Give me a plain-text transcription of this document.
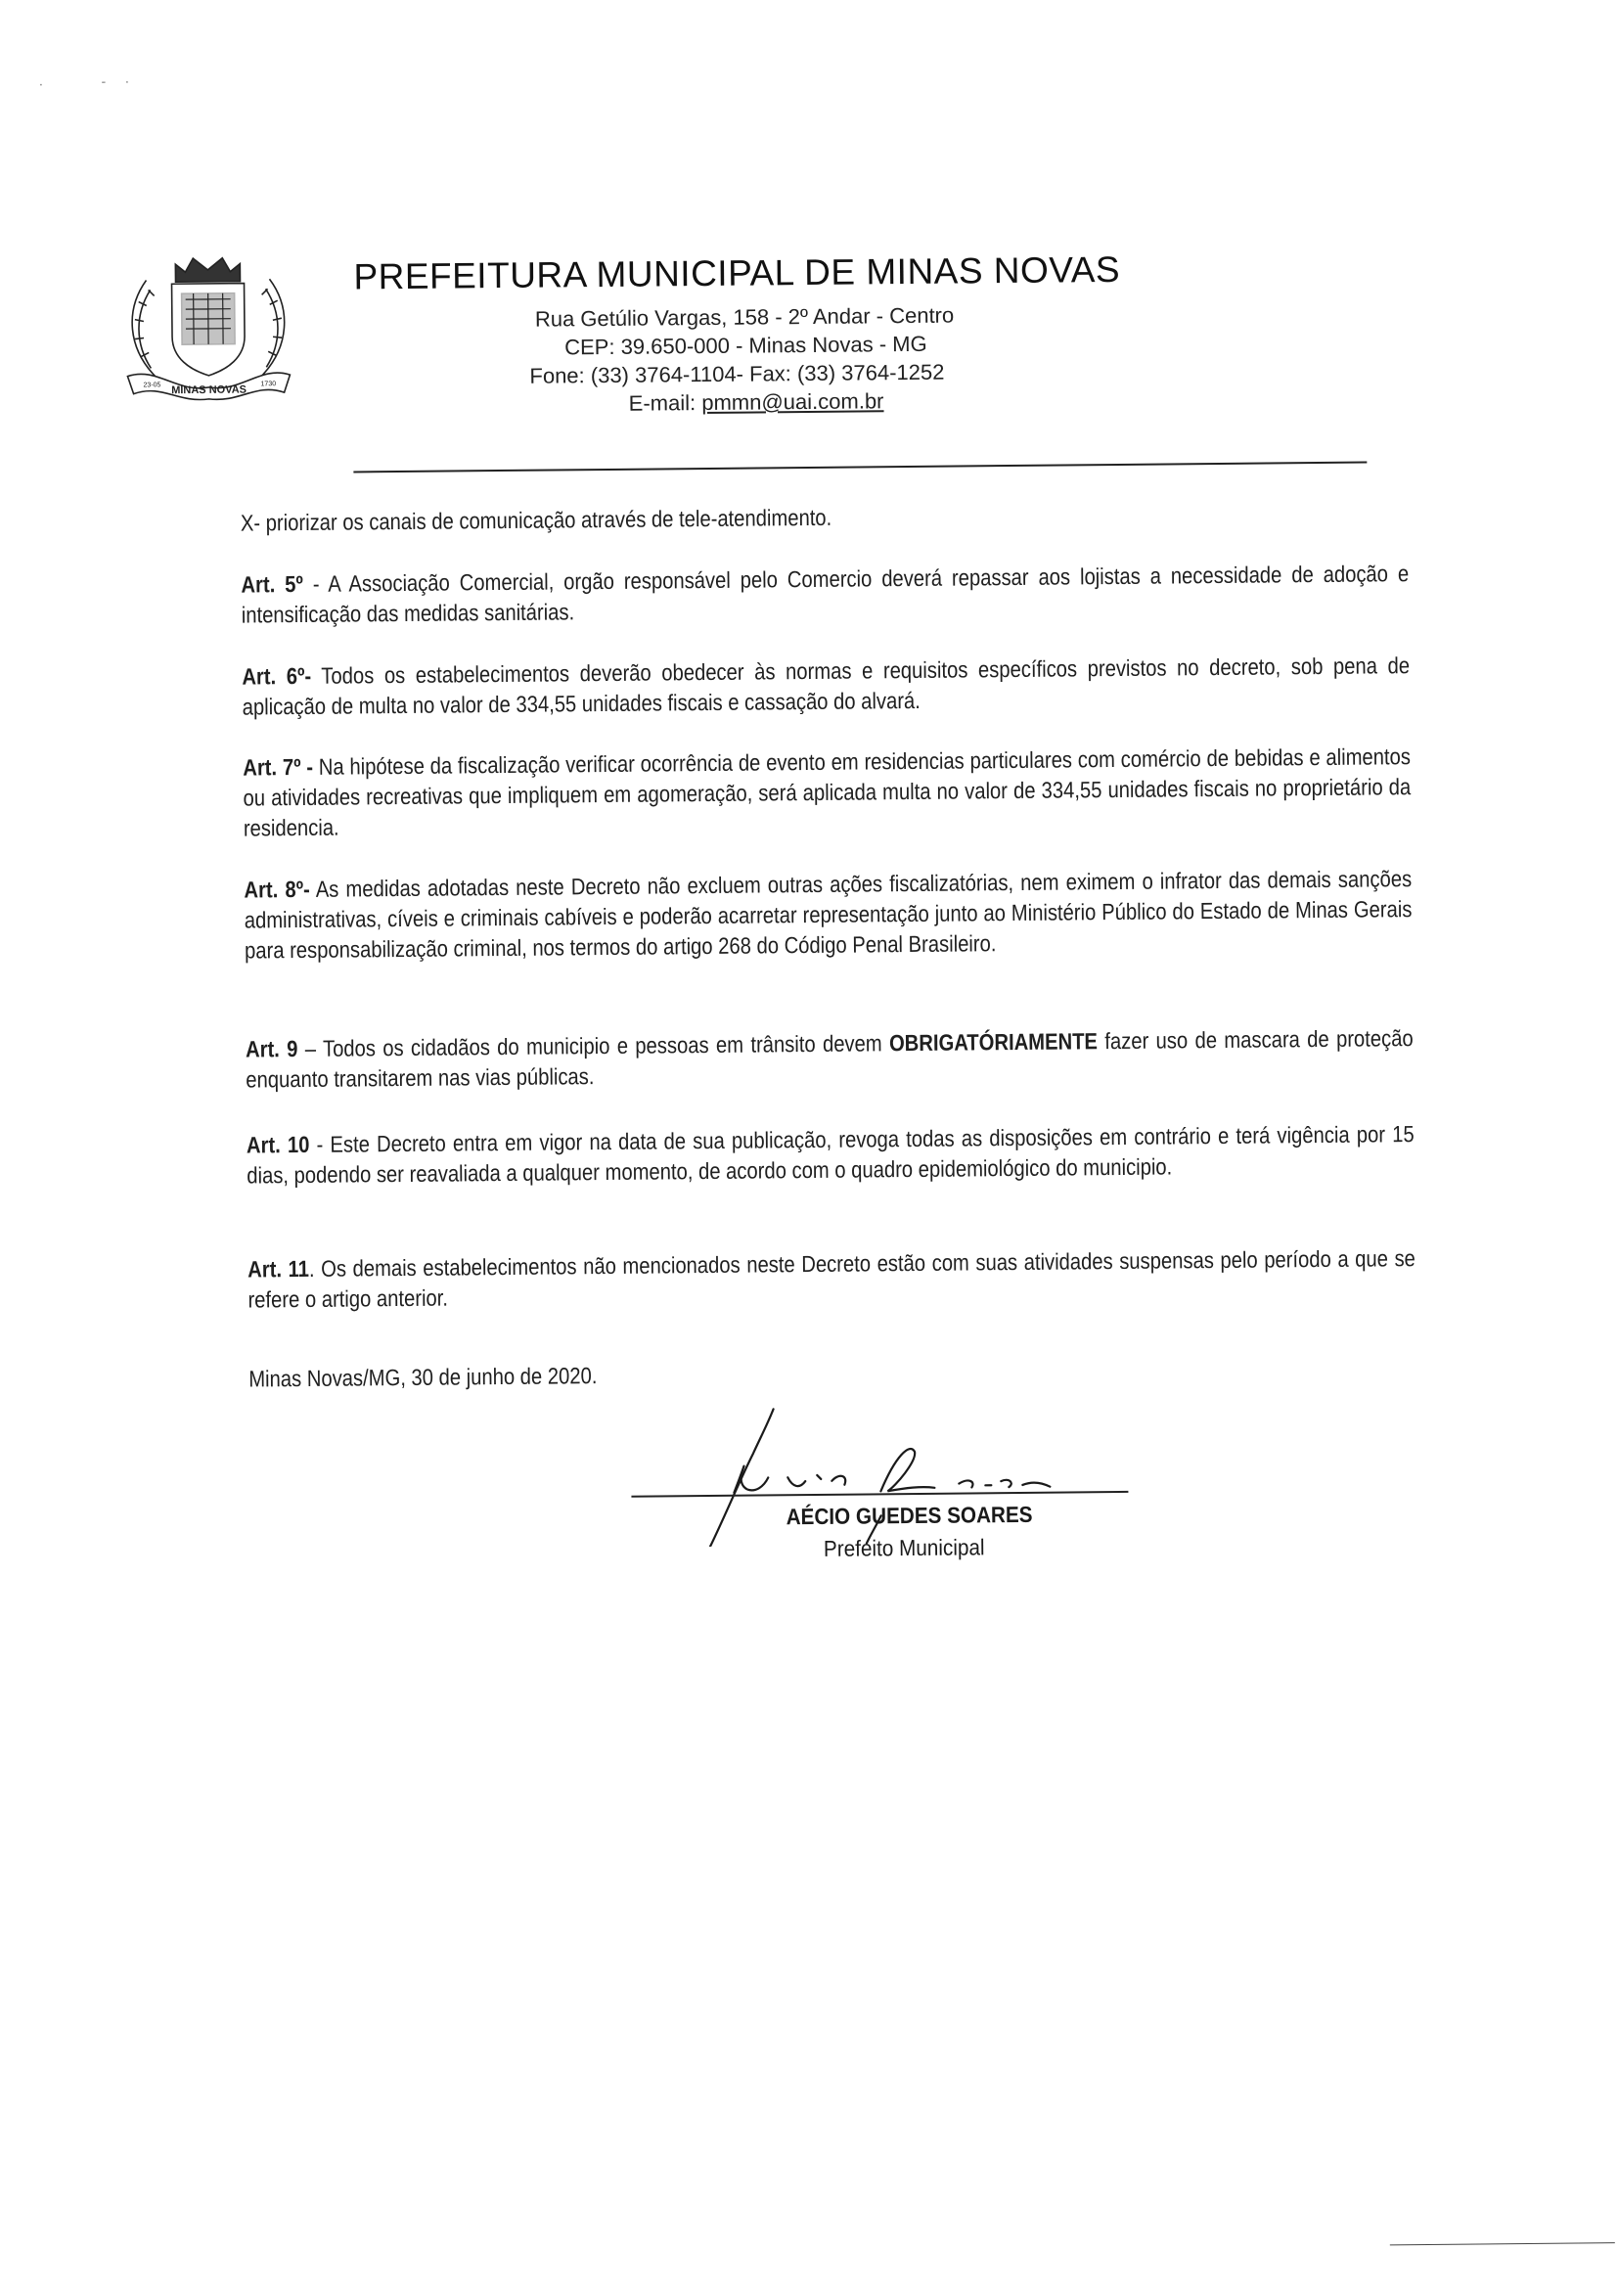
·	- ·
MINAS NOVAS
23-05	1730
PREFEITURA MUNICIPAL DE MINAS NOVAS
Rua Getúlio Vargas, 158 - 2º Andar - Centro
CEP: 39.650-000 - Minas Novas - MG
Fone: (33) 3764-1104- Fax: (33) 3764-1252
E-mail: pmmn@uai.com.br

X- priorizar os canais de comunicação através de tele-atendimento.

Art. 5º - A Associação Comercial, orgão responsável pelo Comercio deverá repassar aos lojistas a necessidade de adoção e intensificação das medidas sanitárias.

Art. 6º- Todos os estabelecimentos deverão obedecer às normas e requisitos específicos previstos no decreto, sob pena de aplicação de multa no valor de 334,55 unidades fiscais e cassação do alvará.

Art. 7º - Na hipótese da fiscalização verificar ocorrência de evento em residencias particulares com comércio de bebidas e alimentos ou atividades recreativas que impliquem em agomeração, será aplicada multa no valor de 334,55 unidades fiscais no proprietário da residencia.

Art. 8º- As medidas adotadas neste Decreto não excluem outras ações fiscalizatórias, nem eximem o infrator das demais sanções administrativas, cíveis e criminais cabíveis e poderão acarretar representação junto ao Ministério Público do Estado de Minas Gerais para responsabilização criminal, nos termos do artigo 268 do Código Penal Brasileiro.

Art. 9 – Todos os cidadãos do municipio e pessoas em trânsito devem OBRIGATÓRIAMENTE fazer uso de mascara de proteção enquanto transitarem nas vias públicas.

Art. 10 - Este Decreto entra em vigor na data de sua publicação, revoga todas as disposições em contrário e terá vigência por 15 dias, podendo ser reavaliada a qualquer momento, de acordo com o quadro epidemiológico do municipio.

Art. 11. Os demais estabelecimentos não mencionados neste Decreto estão com suas atividades suspensas pelo período a que se refere o artigo anterior.

Minas Novas/MG, 30 de junho de 2020.

AÉCIO GUEDES SOARES
Prefeito Municipal
